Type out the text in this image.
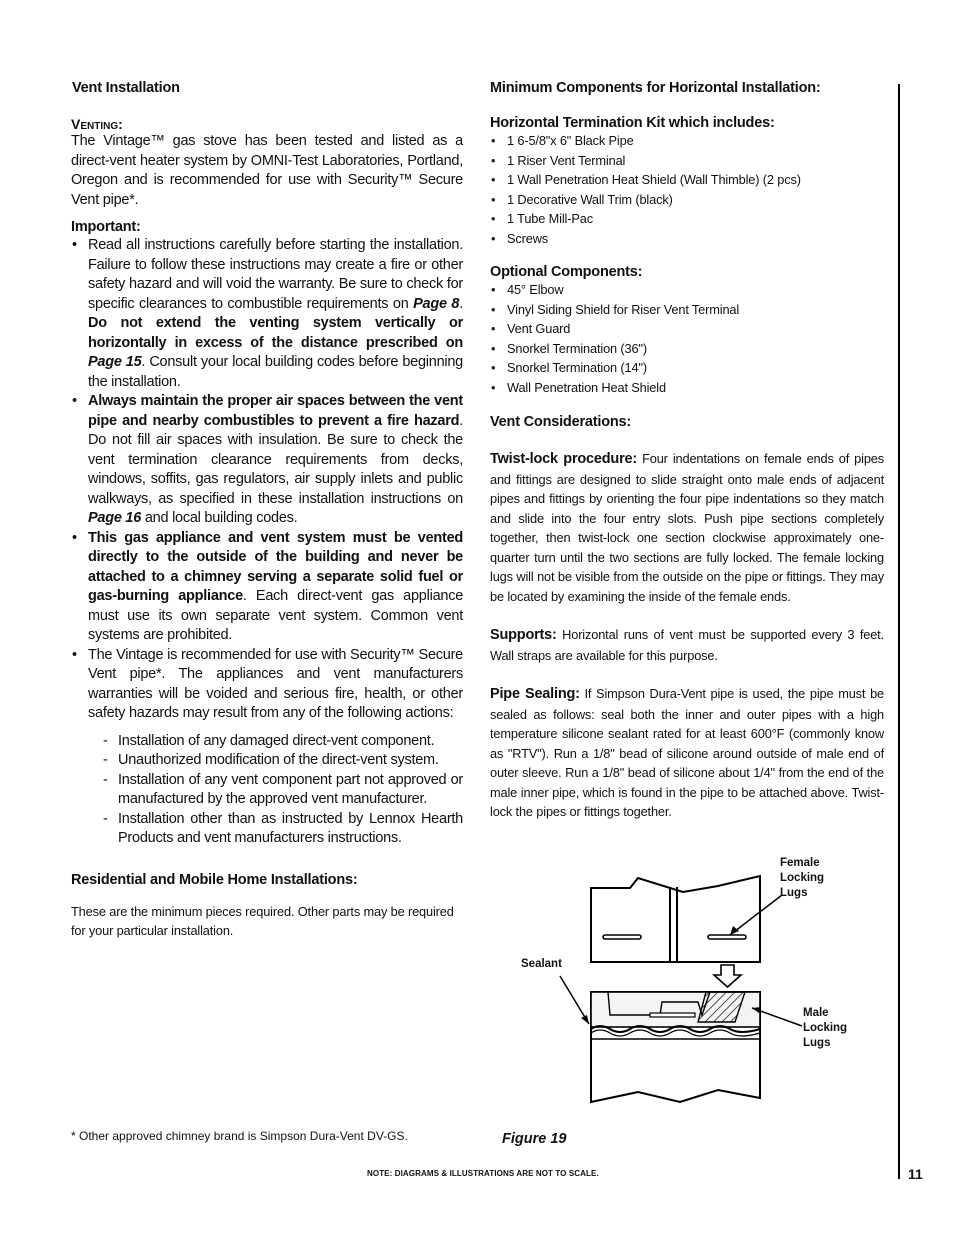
Vent Installation
Venting:
The Vintage™ gas stove has been tested and listed as a direct-vent heater system by OMNI-Test Laboratories, Portland, Oregon and is recommended for use with Security™ Secure Vent pipe*.
Important:
• Read all instructions carefully before starting the installation. Failure to follow these instructions may create a fire or other safety hazard and will void the warranty. Be sure to check for specific clearances to combustible requirements on Page 8. Do not extend the venting system vertically or horizontally in excess of the distance prescribed on Page 15. Consult your local building codes before beginning the installation.
• Always maintain the proper air spaces between the vent pipe and nearby combustibles to prevent a fire hazard. Do not fill air spaces with insulation. Be sure to check the vent termination clearance requirements from decks, windows, soffits, gas regulators, air supply inlets and public walkways, as specified in these installation instructions on Page 16 and local building codes.
• This gas appliance and vent system must be vented directly to the outside of the building and never be attached to a chimney serving a separate solid fuel or gas-burning appliance. Each direct-vent gas appliance must use its own separate vent system. Common vent systems are prohibited.
• The Vintage is recommended for use with Security™ Secure Vent pipe*. The appliances and vent manufacturers warranties will be voided and serious fire, health, or other safety hazards may result from any of the following actions:
- Installation of any damaged direct-vent component.
- Unauthorized modification of the direct-vent system.
- Installation of any vent component part not approved or manufactured by the approved vent manufacturer.
- Installation other than as instructed by Lennox Hearth Products and vent manufacturers instructions.
Residential and Mobile Home Installations:
These are the minimum pieces required. Other parts may be required for your particular installation.
Minimum Components for Horizontal Installation:
Horizontal Termination Kit which includes:
• 1 6-5/8"x 6" Black Pipe
• 1 Riser Vent Terminal
• 1 Wall Penetration Heat Shield (Wall Thimble) (2 pcs)
• 1 Decorative Wall Trim (black)
• 1 Tube Mill-Pac
• Screws
Optional Components:
• 45° Elbow
• Vinyl Siding Shield for Riser Vent Terminal
• Vent Guard
• Snorkel Termination (36")
• Snorkel Termination (14")
• Wall Penetration Heat Shield
Vent Considerations:
Twist-lock procedure: Four indentations on female ends of pipes and fittings are designed to slide straight onto male ends of adjacent pipes and fittings by orienting the four pipe indentations so they match and slide into the four entry slots. Push pipe sections completely together, then twist-lock one section clockwise approximately one-quarter turn until the two sections are fully locked. The female locking lugs will not be visible from the outside on the pipe or fittings. They may be located by examining the inside of the female ends.
Supports: Horizontal runs of vent must be supported every 3 feet. Wall straps are available for this purpose.
Pipe Sealing: If Simpson Dura-Vent pipe is used, the pipe must be sealed as follows: seal both the inner and outer pipes with a high temperature silicone sealant rated for at least 600°F (commonly know as "RTV"). Run a 1/8" bead of silicone around outside of male end of outer sleeve. Run a 1/8" bead of silicone about 1/4" from the end of the male inner pipe, which is found in the pipe to be attached above. Twist-lock the pipes or fittings together.
Female
Locking
Lugs
Sealant
Male
Locking
Lugs
Figure 19
* Other approved chimney brand is Simpson Dura-Vent DV-GS.
NOTE: DIAGRAMS & ILLUSTRATIONS ARE NOT TO SCALE.	11
